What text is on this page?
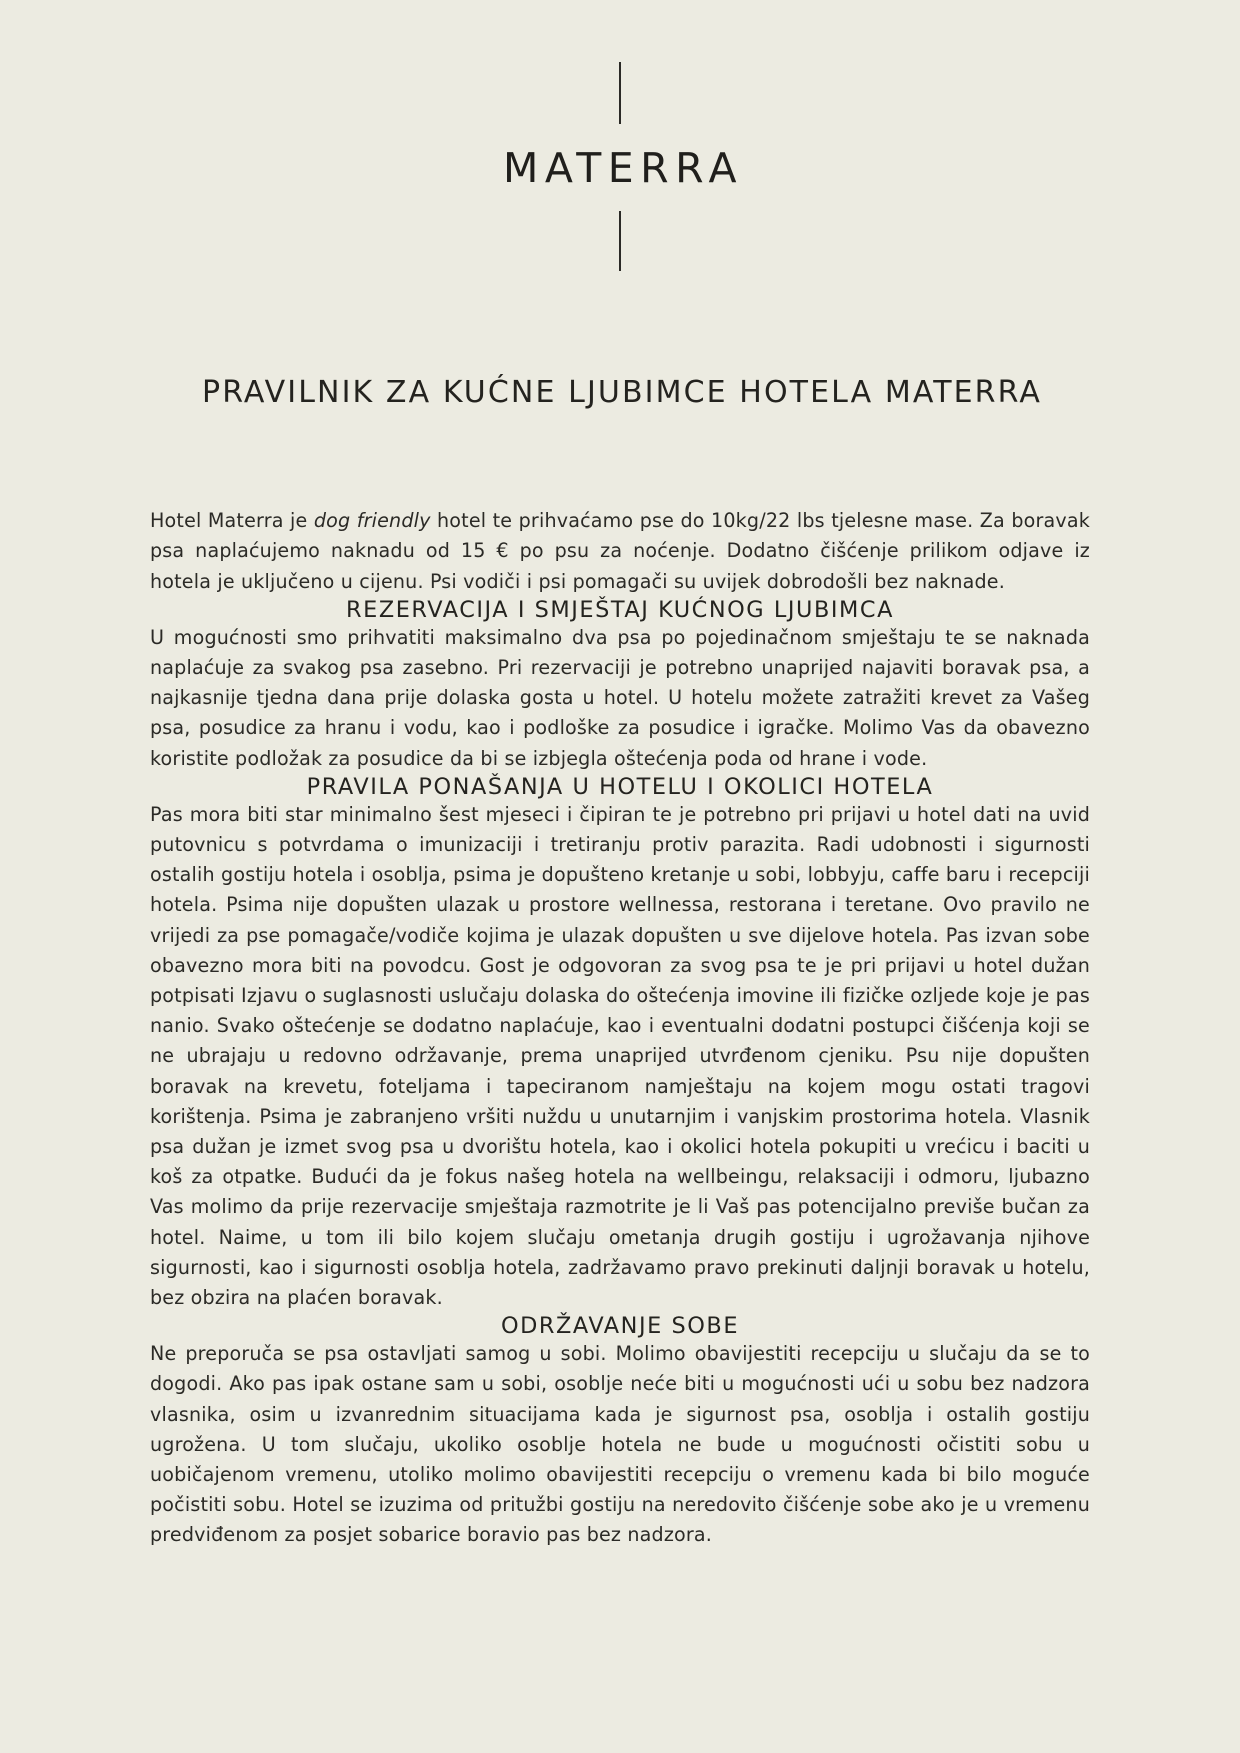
MATERRA
PRAVILNIK ZA KUĆNE LJUBIMCE HOTELA MATERRA

Hotel Materra je dog friendly hotel te prihvaćamo pse do 10kg/22 lbs tjelesne mase. Za boravak psa naplaćujemo naknadu od 15 € po psu za noćenje. Dodatno čišćenje prilikom odjave iz hotela je uključeno u cijenu. Psi vodiči i psi pomagači su uvijek dobrodošli bez naknade.

REZERVACIJA I SMJEŠTAJ KUĆNOG LJUBIMCA

U mogućnosti smo prihvatiti maksimalno dva psa po pojedinačnom smještaju te se naknada naplaćuje za svakog psa zasebno. Pri rezervaciji je potrebno unaprijed najaviti boravak psa, a najkasnije tjedna dana prije dolaska gosta u hotel. U hotelu možete zatražiti krevet za Vašeg psa, posudice za hranu i vodu, kao i podloške za posudice i igračke. Molimo Vas da obavezno koristite podložak za posudice da bi se izbjegla oštećenja poda od hrane i vode.

PRAVILA PONAŠANJA U HOTELU I OKOLICI HOTELA

Pas mora biti star minimalno šest mjeseci i čipiran te je potrebno pri prijavi u hotel dati na uvid putovnicu s potvrdama o imunizaciji i tretiranju protiv parazita. Radi udobnosti i sigurnosti ostalih gostiju hotela i osoblja, psima je dopušteno kretanje u sobi, lobbyju, caffe baru i recepciji hotela. Psima nije dopušten ulazak u prostore wellnessa, restorana i teretane. Ovo pravilo ne vrijedi za pse pomagače/vodiče kojima je ulazak dopušten u sve dijelove hotela. Pas izvan sobe obavezno mora biti na povodcu. Gost je odgovoran za svog psa te je pri prijavi u hotel dužan potpisati Izjavu o suglasnosti uslučaju dolaska do oštećenja imovine ili fizičke ozljede koje je pas nanio. Svako oštećenje se dodatno naplaćuje, kao i eventualni dodatni postupci čišćenja koji se ne ubrajaju u redovno održavanje, prema unaprijed utvrđenom cjeniku. Psu nije dopušten boravak na krevetu, foteljama i tapeciranom namještaju na kojem mogu ostati tragovi korištenja. Psima je zabranjeno vršiti nuždu u unutarnjim i vanjskim prostorima hotela. Vlasnik psa dužan je izmet svog psa u dvorištu hotela, kao i okolici hotela pokupiti u vrećicu i baciti u koš za otpatke. Budući da je fokus našeg hotela na wellbeingu, relaksaciji i odmoru, ljubazno Vas molimo da prije rezervacije smještaja razmotrite je li Vaš pas potencijalno previše bučan za hotel. Naime, u tom ili bilo kojem slučaju ometanja drugih gostiju i ugrožavanja njihove sigurnosti, kao i sigurnosti osoblja hotela, zadržavamo pravo prekinuti daljnji boravak u hotelu, bez obzira na plaćen boravak.

ODRŽAVANJE SOBE

Ne preporuča se psa ostavljati samog u sobi. Molimo obavijestiti recepciju u slučaju da se to dogodi. Ako pas ipak ostane sam u sobi, osoblje neće biti u mogućnosti ući u sobu bez nadzora vlasnika, osim u izvanrednim situacijama kada je sigurnost psa, osoblja i ostalih gostiju ugrožena. U tom slučaju, ukoliko osoblje hotela ne bude u mogućnosti očistiti sobu u uobičajenom vremenu, utoliko molimo obavijestiti recepciju o vremenu kada bi bilo moguće počistiti sobu. Hotel se izuzima od pritužbi gostiju na neredovito čišćenje sobe ako je u vremenu predviđenom za posjet sobarice boravio pas bez nadzora.
